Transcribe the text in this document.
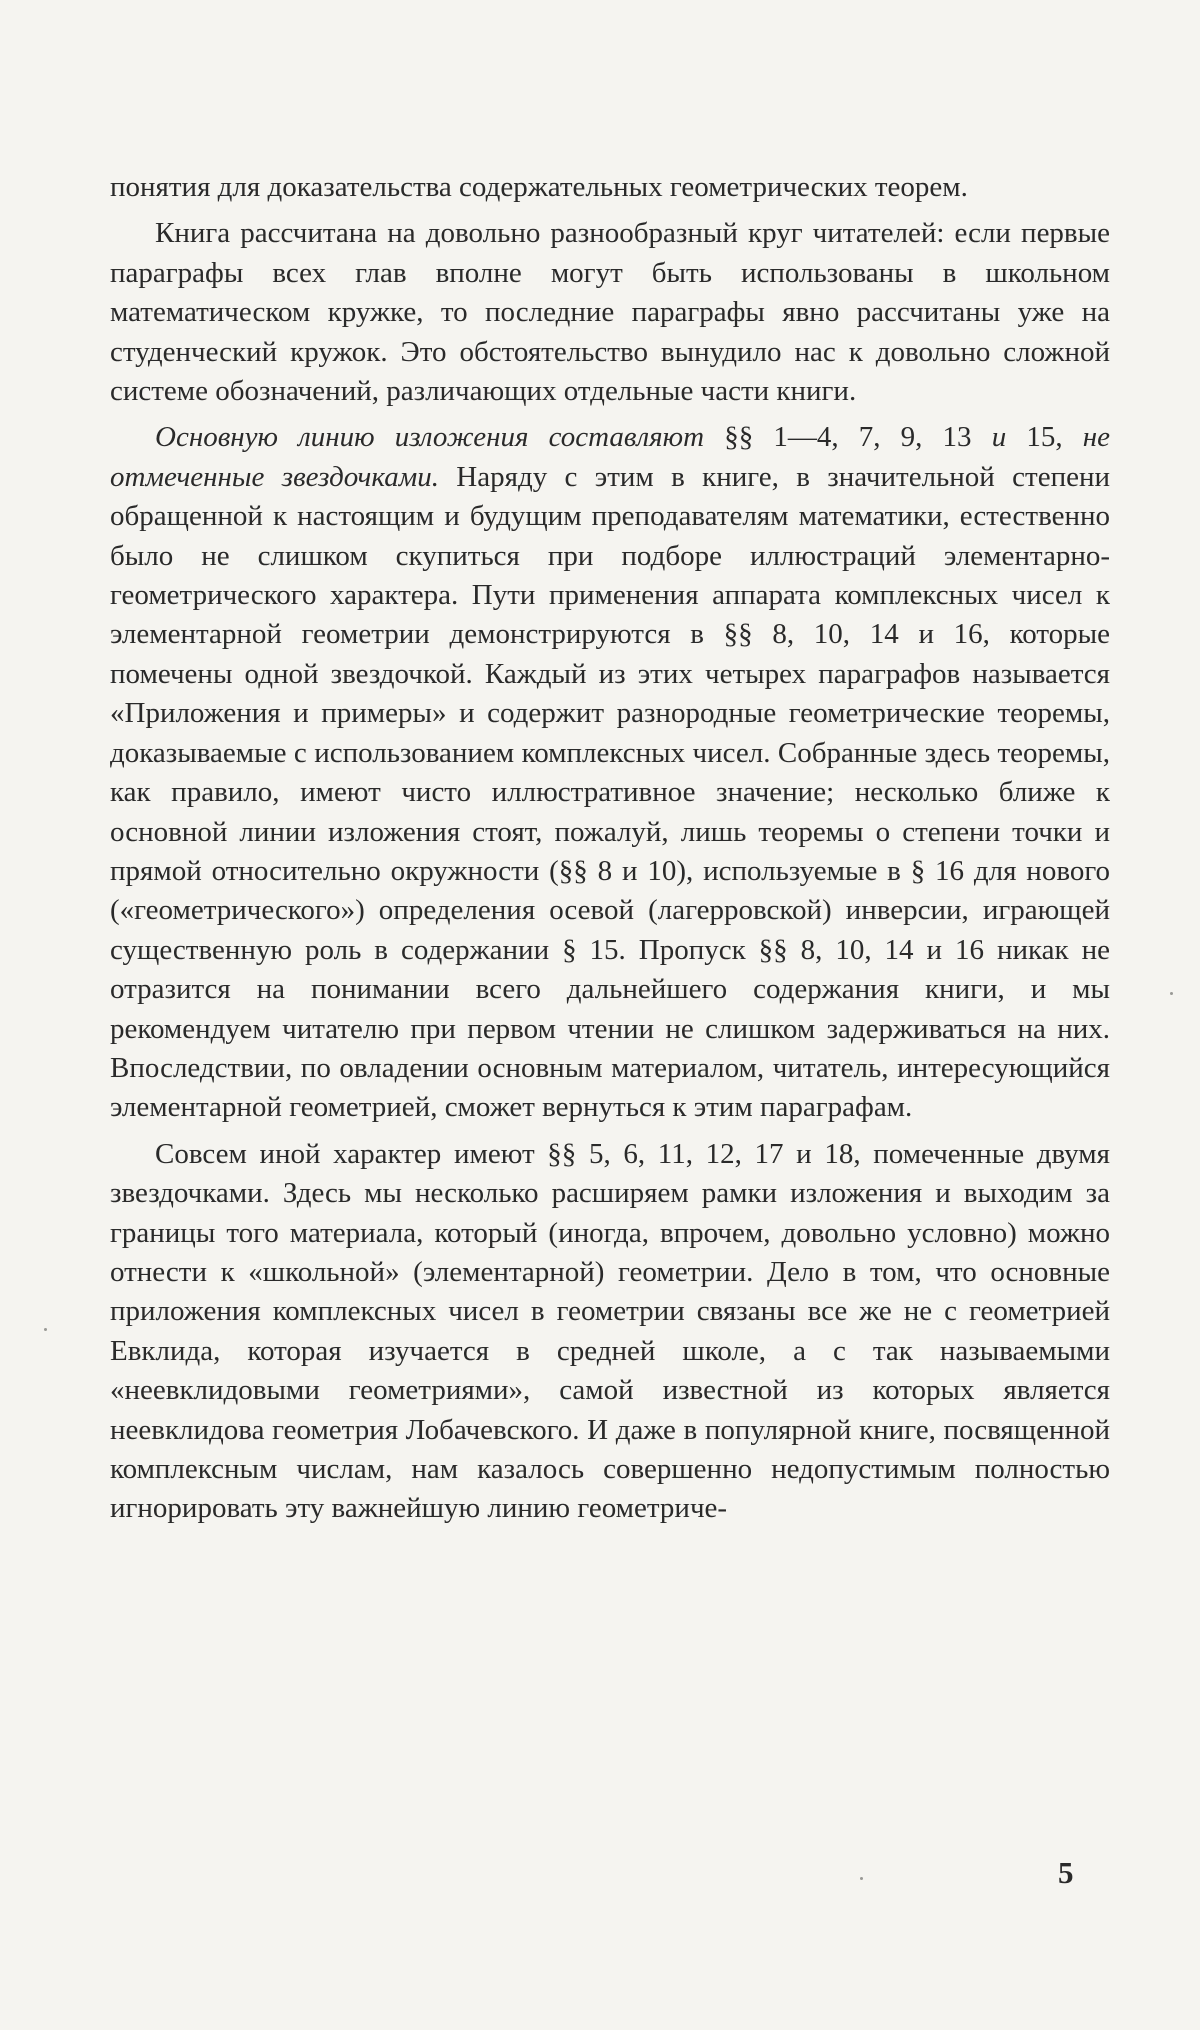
понятия для доказательства содержательных геометрических теорем.

Книга рассчитана на довольно разнообразный круг читателей: если первые параграфы всех глав вполне могут быть использованы в школьном математическом кружке, то последние параграфы явно рассчитаны уже на студенческий кружок. Это обстоятельство вынудило нас к довольно сложной системе обозначений, различающих отдельные части книги.

Основную линию изложения составляют §§ 1—4, 7, 9, 13 и 15, не отмеченные звездочками. Наряду с этим в книге, в значительной степени обращенной к настоящим и будущим преподавателям математики, естественно было не слишком скупиться при подборе иллюстраций элементарно-геометрического характера. Пути применения аппарата комплексных чисел к элементарной геометрии демонстрируются в §§ 8, 10, 14 и 16, которые помечены одной звездочкой. Каждый из этих четырех параграфов называется «Приложения и примеры» и содержит разнородные геометрические теоремы, доказываемые с использованием комплексных чисел. Собранные здесь теоремы, как правило, имеют чисто иллюстративное значение; несколько ближе к основной линии изложения стоят, пожалуй, лишь теоремы о степени точки и прямой относительно окружности (§§ 8 и 10), используемые в § 16 для нового («геометрического») определения осевой (лагерровской) инверсии, играющей существенную роль в содержании § 15. Пропуск §§ 8, 10, 14 и 16 никак не отразится на понимании всего дальнейшего содержания книги, и мы рекомендуем читателю при первом чтении не слишком задерживаться на них. Впоследствии, по овладении основным материалом, читатель, интересующийся элементарной геометрией, сможет вернуться к этим параграфам.

Совсем иной характер имеют §§ 5, 6, 11, 12, 17 и 18, помеченные двумя звездочками. Здесь мы несколько расширяем рамки изложения и выходим за границы того материала, который (иногда, впрочем, довольно условно) можно отнести к «школьной» (элементарной) геометрии. Дело в том, что основные приложения комплексных чисел в геометрии связаны все же не с геометрией Евклида, которая изучается в средней школе, а с так называемыми «неевклидовыми геометриями», самой известной из которых является неевклидова геометрия Лобачевского. И даже в популярной книге, посвященной комплексным числам, нам казалось совершенно недопустимым полностью игнорировать эту важнейшую линию геометриче-

5
